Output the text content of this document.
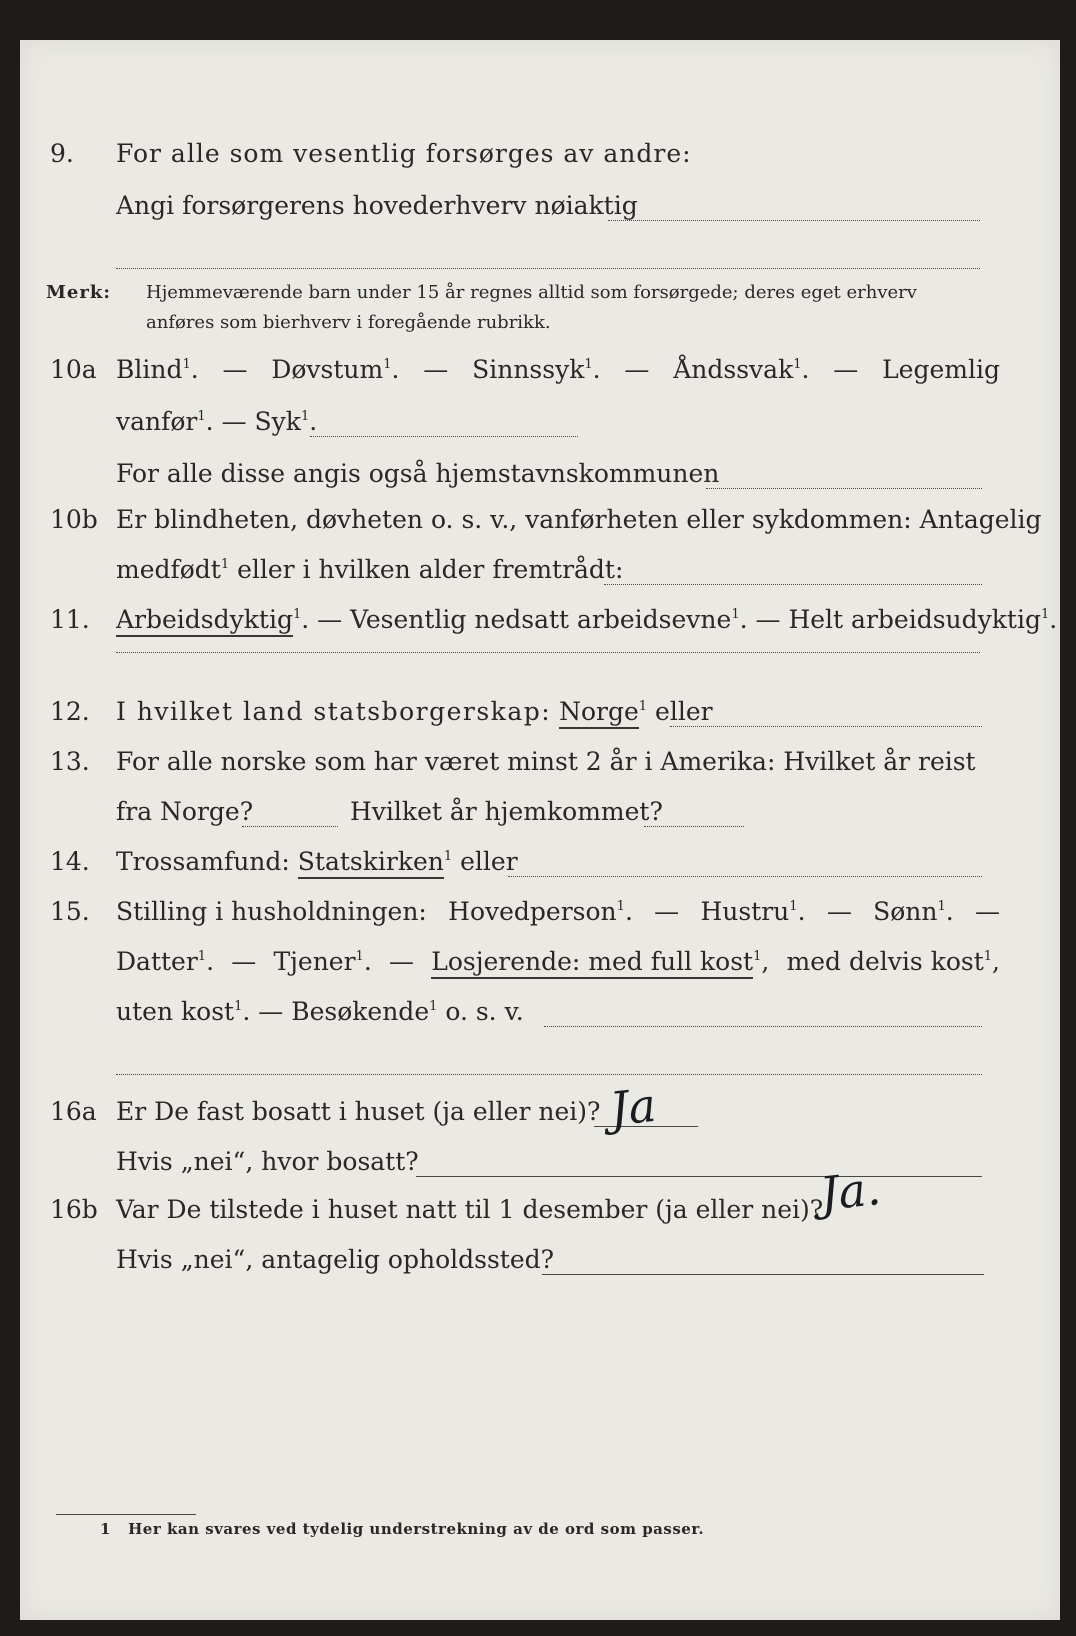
9. For alle som vesentlig forsørges av andre:
Angi forsørgerens hovederhverv nøiaktig
Merk: Hjemmeværende barn under 15 år regnes alltid som forsørgede; deres eget erhverv
anføres som bierhverv i foregående rubrikk.
10a Blind$^1$. — Døvstum$^1$. — Sinnssyk$^1$. — Åndssvak$^1$. — Legemlig
vanfør$^1$. — Syk$^1$.
For alle disse angis også hjemstavnskommunen
10b Er blindheten, døvheten o. s. v., vanførheten eller sykdommen: Antagelig
medfødt$^1$ eller i hvilken alder fremtrådt:
11. Arbeidsdyktig$^1$. — Vesentlig nedsatt arbeidsevne$^1$. — Helt arbeidsudyktig$^1$.
12. I hvilket land statsborgerskap: Norge$^1$ eller
13. For alle norske som har været minst 2 år i Amerika: Hvilket år reist
fra Norge?	Hvilket år hjemkommet?
14. Trossamfund: Statskirken$^1$ eller
15. Stilling i husholdningen: Hovedperson$^1$. — Hustru$^1$. — Sønn$^1$. —
Datter$^1$. — Tjener$^1$. — Losjerende: med full kost$^1$, med delvis kost$^1$,
uten kost$^1$. — Besøkende$^1$ o. s. v.
16a Er De fast bosatt i huset (ja eller nei)? Ja
Hvis „nei“, hvor bosatt?
16b Var De tilstede i huset natt til 1 desember (ja eller nei)?
Ja.
Hvis „nei“, antagelig opholdssted?
1 Her kan svares ved tydelig understrekning av de ord som passer.
